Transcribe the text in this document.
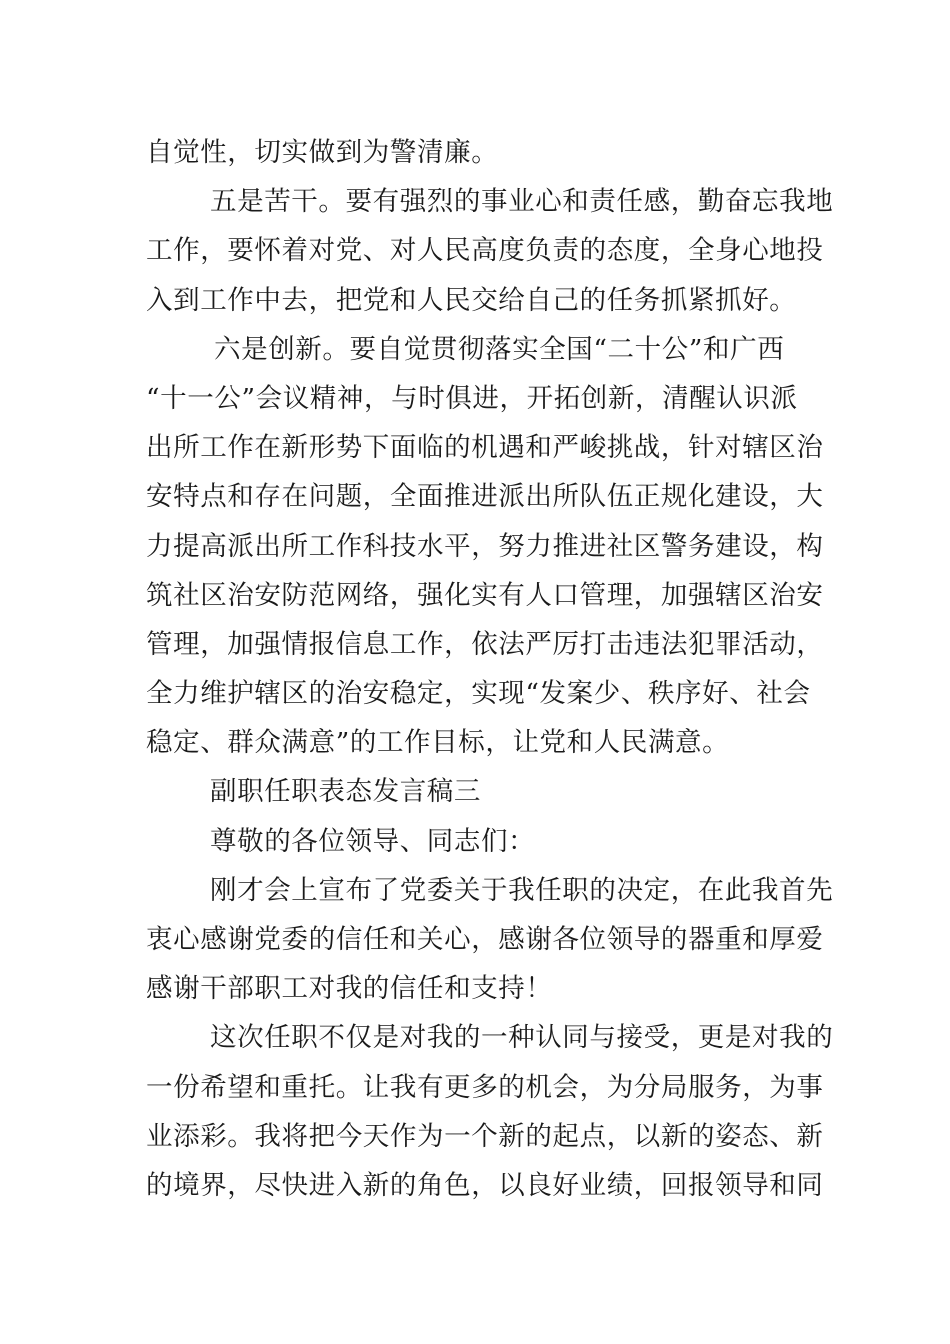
自觉性，切实做到为警清廉。
五是苦干。要有强烈的事业心和责任感，勤奋忘我地
工作，要怀着对党、对人民高度负责的态度，全身心地投
入到工作中去，把党和人民交给自己的任务抓紧抓好。
六是创新。要自觉贯彻落实全国“二十公”和广西
“十一公”会议精神，与时俱进，开拓创新，清醒认识派
出所工作在新形势下面临的机遇和严峻挑战，针对辖区治
安特点和存在问题，全面推进派出所队伍正规化建设，大
力提高派出所工作科技水平，努力推进社区警务建设，构
筑社区治安防范网络，强化实有人口管理，加强辖区治安
管理，加强情报信息工作，依法严厉打击违法犯罪活动，
全力维护辖区的治安稳定，实现“发案少、秩序好、社会
稳定、群众满意”的工作目标，让党和人民满意。
副职任职表态发言稿三
尊敬的各位领导、同志们：
刚才会上宣布了党委关于我任职的决定，在此我首先
衷心感谢党委的信任和关心，感谢各位领导的器重和厚爱
感谢干部职工对我的信任和支持！
这次任职不仅是对我的一种认同与接受，更是对我的
一份希望和重托。让我有更多的机会，为分局服务，为事
业添彩。我将把今天作为一个新的起点，以新的姿态、新
的境界，尽快进入新的角色，以良好业绩，回报领导和同
